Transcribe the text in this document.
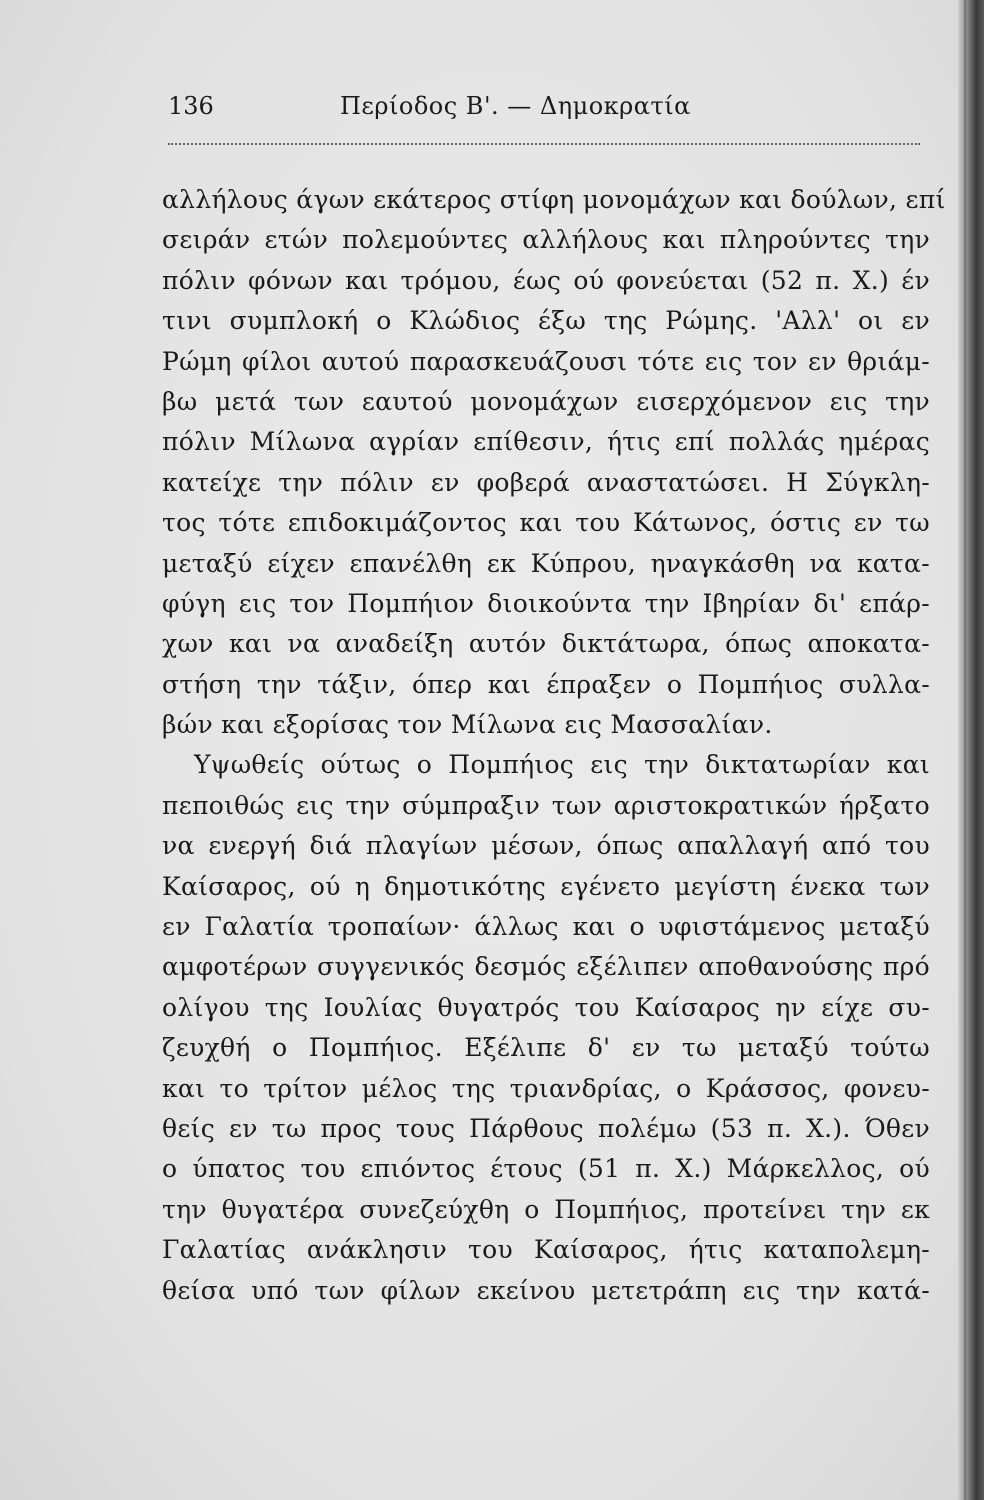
136	Περίοδος Β'. — Δημοκρατία
αλλήλους άγων εκάτερος στίφη μονομάχων και δούλων, επί
σειράν ετών πολεμούντες αλλήλους και πληρούντες την
πόλιν φόνων και τρόμου, έως ού φονεύεται (52 π. Χ.) έν
τινι συμπλοκή ο Κλώδιος έξω της Ρώμης. 'Αλλ' οι εν
Ρώμη φίλοι αυτού παρασκευάζουσι τότε εις τον εν θριάμ-
βω μετά των εαυτού μονομάχων εισερχόμενον εις την
πόλιν Μίλωνα αγρίαν επίθεσιν, ήτις επί πολλάς ημέρας
κατείχε την πόλιν εν φοβερά αναστατώσει. Η Σύγκλη-
τος τότε επιδοκιμάζοντος και του Κάτωνος, όστις εν τω
μεταξύ είχεν επανέλθη εκ Κύπρου, ηναγκάσθη να κατα-
φύγη εις τον Πομπήιον διοικούντα την Ιβηρίαν δι' επάρ-
χων και να αναδείξη αυτόν δικτάτωρα, όπως αποκατα-
στήση την τάξιν, όπερ και έπραξεν ο Πομπήιος συλλα-
βών και εξορίσας τον Μίλωνα εις Μασσαλίαν.
Υψωθείς ούτως ο Πομπήιος εις την δικτατωρίαν και
πεποιθώς εις την σύμπραξιν των αριστοκρατικών ήρξατο
να ενεργή διά πλαγίων μέσων, όπως απαλλαγή από του
Καίσαρος, ού η δημοτικότης εγένετο μεγίστη ένεκα των
εν Γαλατία τροπαίων· άλλως και ο υφιστάμενος μεταξύ
αμφοτέρων συγγενικός δεσμός εξέλιπεν αποθανούσης πρό
ολίγου της Ιουλίας θυγατρός του Καίσαρος ην είχε συ-
ζευχθή ο Πομπήιος. Εξέλιπε δ' εν τω μεταξύ τούτω
και το τρίτον μέλος της τριανδρίας, ο Κράσσος, φονευ-
θείς εν τω προς τους Πάρθους πολέμω (53 π. Χ.). Όθεν
ο ύπατος του επιόντος έτους (51 π. Χ.) Μάρκελλος, ού
την θυγατέρα συνεζεύχθη ο Πομπήιος, προτείνει την εκ
Γαλατίας ανάκλησιν του Καίσαρος, ήτις καταπολεμη-
θείσα υπό των φίλων εκείνου μετετράπη εις την κατά-
